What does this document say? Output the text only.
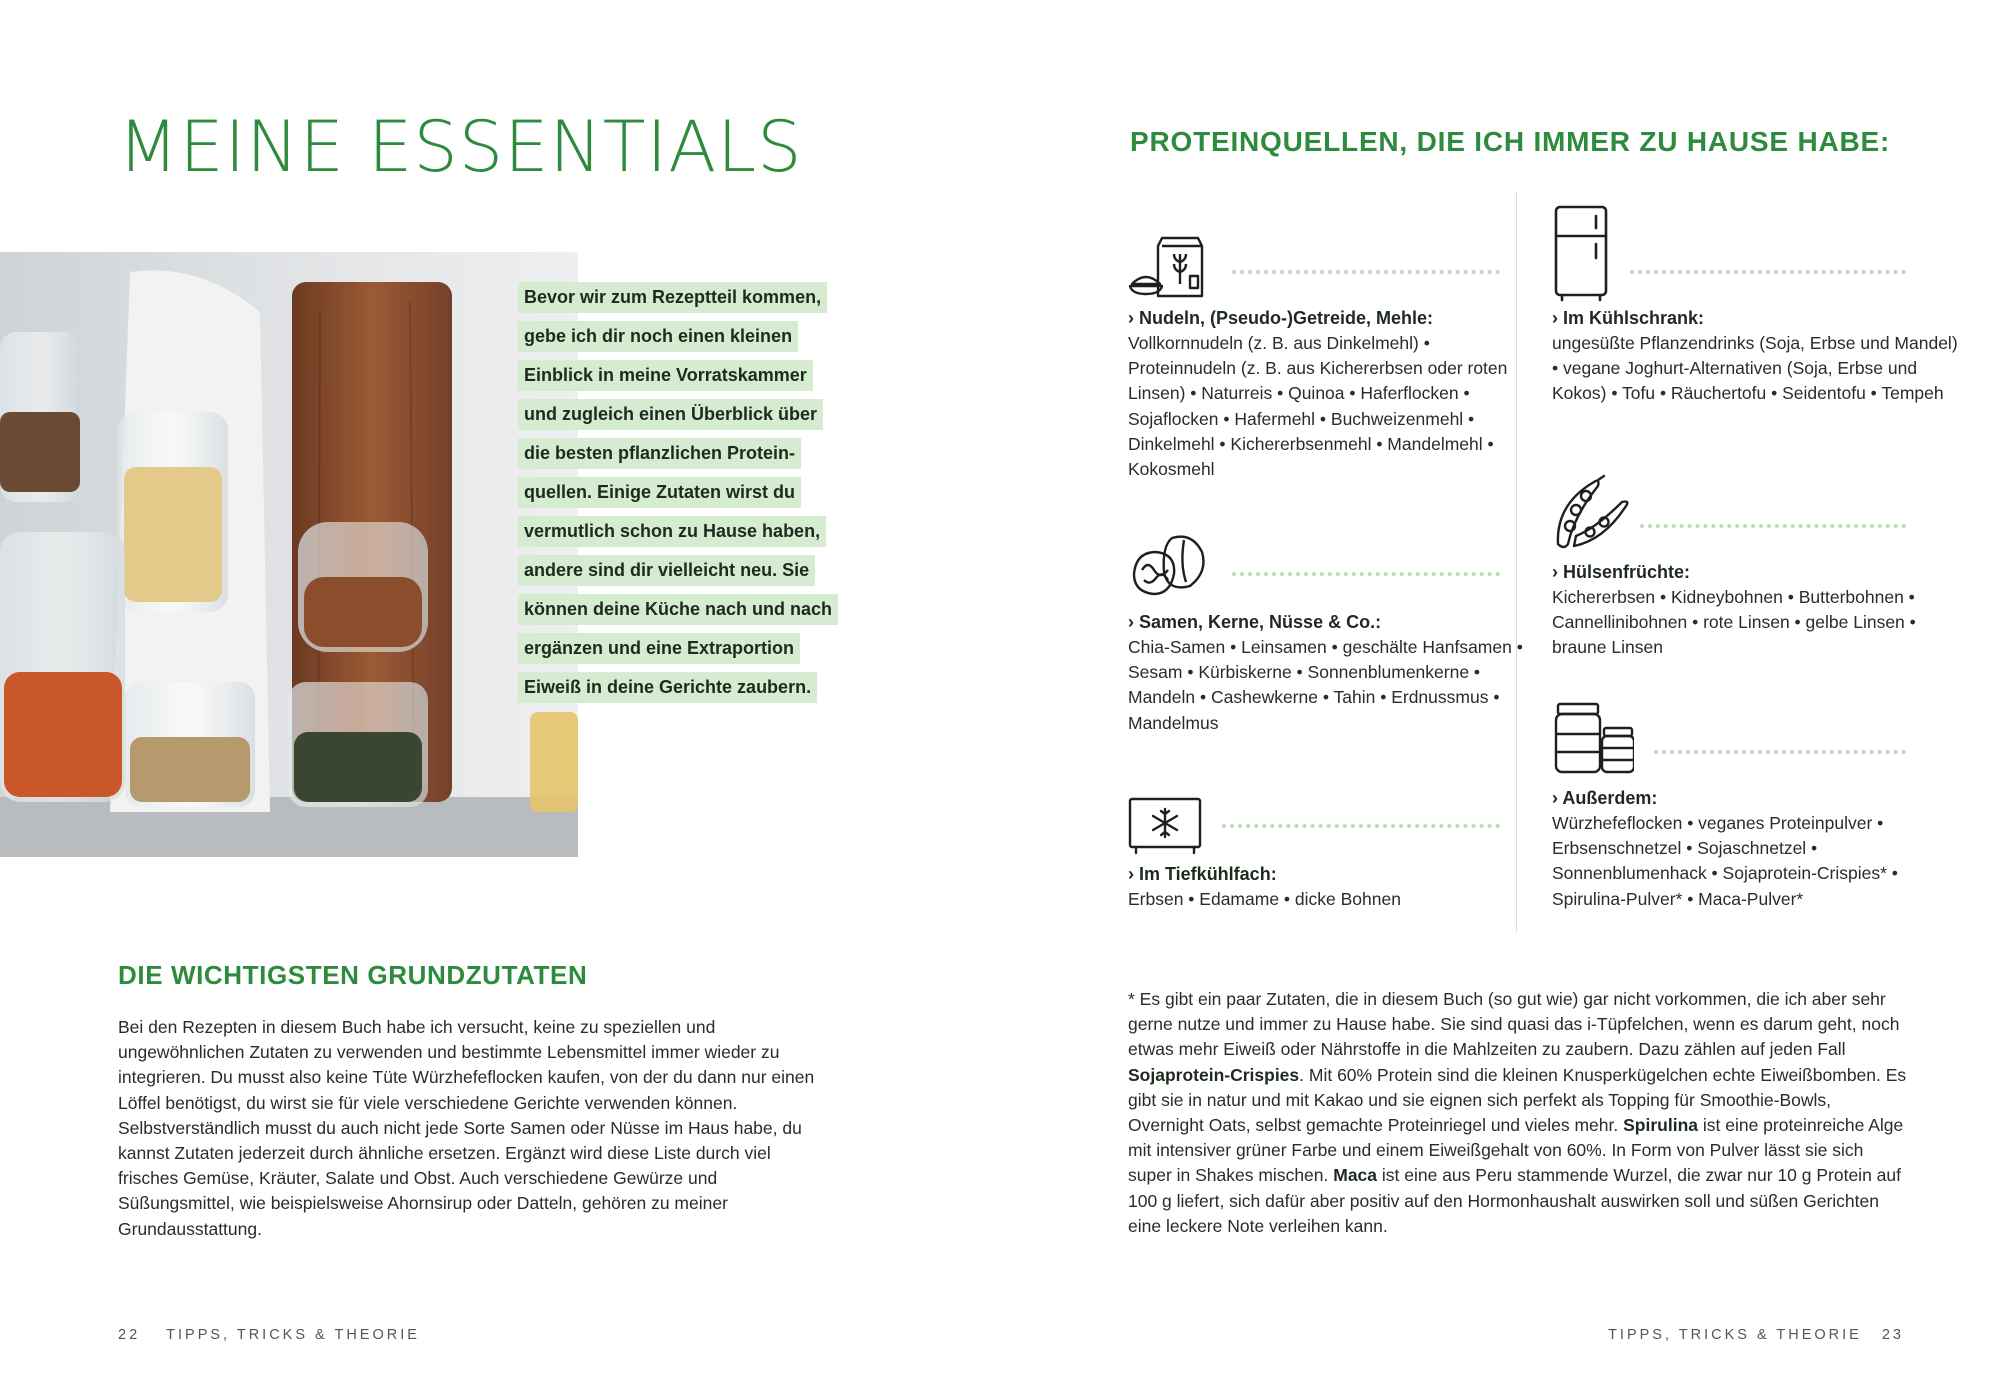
MEINE ESSENTIALS
Bevor wir zum Rezeptteil kommen,
gebe ich dir noch einen kleinen
Einblick in meine Vorratskammer
und zugleich einen Überblick über
die besten pflanzlichen Protein-
quellen. Einige Zutaten wirst du
vermutlich schon zu Hause haben,
andere sind dir vielleicht neu. Sie
können deine Küche nach und nach
ergänzen und eine Extraportion
Eiweiß in deine Gerichte zaubern.
DIE WICHTIGSTEN GRUNDZUTATEN

Bei den Rezepten in diesem Buch habe ich versucht, keine zu speziellen und ungewöhnlichen Zutaten zu verwenden und bestimmte Lebensmittel immer wieder zu integrieren. Du musst also keine Tüte Würzhefeflocken kaufen, von der du dann nur einen Löffel benötigst, du wirst sie für viele verschiedene Gerichte verwenden können. Selbstverständlich musst du auch nicht jede Sorte Samen oder Nüsse im Haus habe, du kannst Zutaten jederzeit durch ähnliche ersetzen. Ergänzt wird diese Liste durch viel frisches Gemüse, Kräuter, Salate und Obst. Auch verschiedene Gewürze und Süßungsmittel, wie beispielsweise Ahornsirup oder Datteln, gehören zu meiner Grundausstattung.

22 TIPPS, TRICKS & THEORIE
PROTEINQUELLEN, DIE ICH IMMER ZU HAUSE HABE:
› Nudeln, (Pseudo-)Getreide, Mehle:
Vollkornnudeln (z. B. aus Dinkelmehl) • Proteinnudeln (z. B. aus Kichererbsen oder roten Linsen) • Naturreis • Quinoa • Haferflocken • Sojaflocken • Hafermehl • Buchweizenmehl • Dinkelmehl • Kichererbsenmehl • Mandelmehl • Kokosmehl
› Samen, Kerne, Nüsse & Co.:
Chia-Samen • Leinsamen • geschälte Hanfsamen • Sesam • Kürbiskerne • Sonnenblumenkerne • Mandeln • Cashewkerne • Tahin • Erdnussmus • Mandelmus
› Im Tiefkühlfach:
Erbsen • Edamame • dicke Bohnen
› Im Kühlschrank:
ungesüßte Pflanzendrinks (Soja, Erbse und Mandel) • vegane Joghurt-Alternativen (Soja, Erbse und Kokos) • Tofu • Räuchertofu • Seidentofu • Tempeh
› Hülsenfrüchte:
Kichererbsen • Kidneybohnen • Butterbohnen • Cannellinibohnen • rote Linsen • gelbe Linsen • braune Linsen
› Außerdem:
Würzhefeflocken • veganes Proteinpulver • Erbsenschnetzel • Sojaschnetzel • Sonnenblumenhack • Sojaprotein-Crispies* • Spirulina-Pulver* • Maca-Pulver*

* Es gibt ein paar Zutaten, die in diesem Buch (so gut wie) gar nicht vorkommen, die ich aber sehr gerne nutze und immer zu Hause habe. Sie sind quasi das i-Tüpfelchen, wenn es darum geht, noch etwas mehr Eiweiß oder Nährstoffe in die Mahlzeiten zu zaubern. Dazu zählen auf jeden Fall Sojaprotein-Crispies. Mit 60% Protein sind die kleinen Knusperkügelchen echte Eiweißbomben. Es gibt sie in natur und mit Kakao und sie eignen sich perfekt als Topping für Smoothie-Bowls, Overnight Oats, selbst gemachte Proteinriegel und vieles mehr. Spirulina ist eine proteinreiche Alge mit intensiver grüner Farbe und einem Eiweißgehalt von 60%. In Form von Pulver lässt sie sich super in Shakes mischen. Maca ist eine aus Peru stammende Wurzel, die zwar nur 10 g Protein auf 100 g liefert, sich dafür aber positiv auf den Hormonhaushalt auswirken soll und süßen Gerichten eine leckere Note verleihen kann.

TIPPS, TRICKS & THEORIE 23
